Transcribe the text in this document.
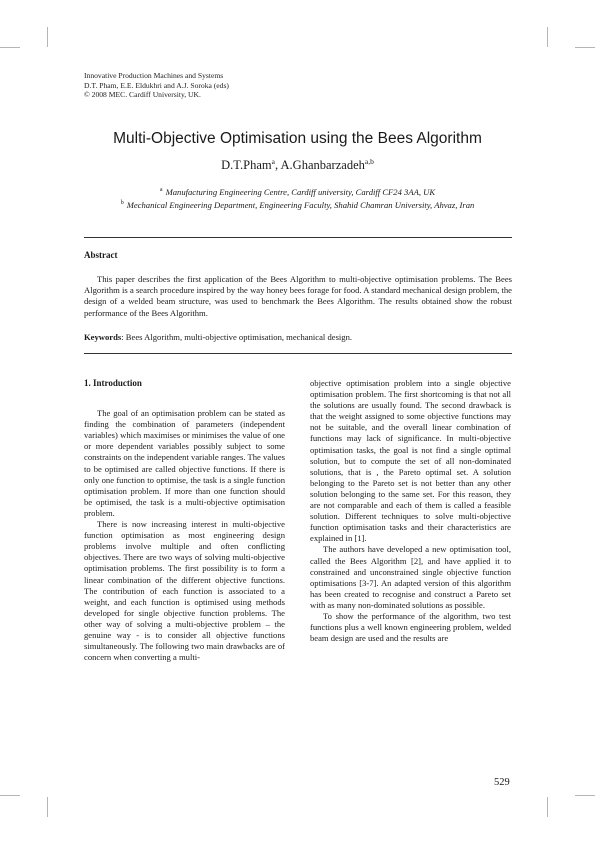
Innovative Production Machines and Systems
D.T. Pham, E.E. Eldukhri and A.J. Soroka (eds)
© 2008 MEC. Cardiff University, UK.
Multi-Objective Optimisation using the Bees Algorithm
D.T.Pham$^a$, A.Ghanbarzadeh$^{a,b}$
$^a$ Manufacturing Engineering Centre, Cardiff university, Cardiff CF24 3AA, UK
$^b$ Mechanical Engineering Department, Engineering Faculty, Shahid Chamran University, Ahvaz, Iran
Abstract

This paper describes the first application of the Bees Algorithm to multi-objective optimisation problems. The Bees Algorithm is a search procedure inspired by the way honey bees forage for food. A standard mechanical design problem, the design of a welded beam structure, was used to benchmark the Bees Algorithm. The results obtained show the robust performance of the Bees Algorithm.

Keywords: Bees Algorithm, multi-objective optimisation, mechanical design.

1. Introduction

The goal of an optimisation problem can be stated as finding the combination of parameters (independent variables) which maximises or minimises the value of one or more dependent variables possibly subject to some constraints on the independent variable ranges. The values to be optimised are called objective functions. If there is only one function to optimise, the task is a single function optimisation problem. If more than one function should be optimised, the task is a multi-objective optimisation problem.

There is now increasing interest in multi-objective function optimisation as most engineering design problems involve multiple and often conflicting objectives. There are two ways of solving multi-objective optimisation problems. The first possibility is to form a linear combination of the different objective functions. The contribution of each function is associated to a weight, and each function is optimised using methods developed for single objective function problems. The other way of solving a multi-objective problem – the genuine way - is to consider all objective functions simultaneously. The following two main drawbacks are of concern when converting a multi-

objective optimisation problem into a single objective optimisation problem. The first shortcoming is that not all the solutions are usually found. The second drawback is that the weight assigned to some objective functions may not be suitable, and the overall linear combination of functions may lack of significance. In multi-objective optimisation tasks, the goal is not find a single optimal solution, but to compute the set of all non-dominated solutions, that is , the Pareto optimal set. A solution belonging to the Pareto set is not better than any other solution belonging to the same set. For this reason, they are not comparable and each of them is called a feasible solution. Different techniques to solve multi-objective function optimisation tasks and their characteristics are explained in [1].

The authors have developed a new optimisation tool, called the Bees Algorithm [2], and have applied it to constrained and unconstrained single objective function optimisations [3-7]. An adapted version of this algorithm has been created to recognise and construct a Pareto set with as many non-dominated solutions as possible.

To show the performance of the algorithm, two test functions plus a well known engineering problem, welded beam design are used and the results are

529
